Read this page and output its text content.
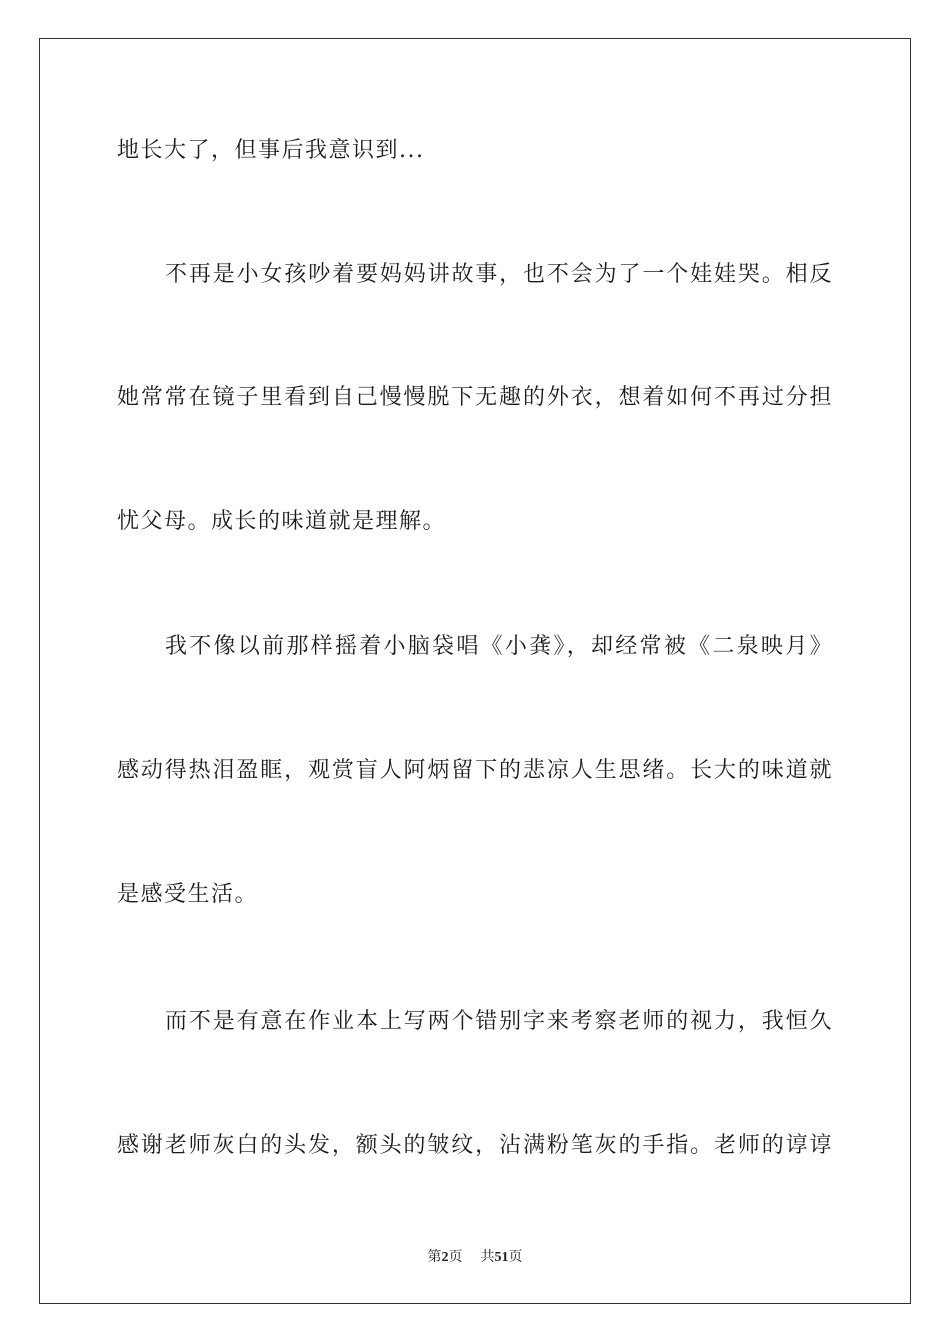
地长大了，但事后我意识到...
不再是小女孩吵着要妈妈讲故事，也不会为了一个娃娃哭。相反
她常常在镜子里看到自己慢慢脱下无趣的外衣，想着如何不再过分担
忧父母。成长的味道就是理解。
我不像以前那样摇着小脑袋唱《小龚》，却经常被《二泉映月》
感动得热泪盈眶，观赏盲人阿炳留下的悲凉人生思绪。长大的味道就
是感受生活。
而不是有意在作业本上写两个错别字来考察老师的视力，我恒久
感谢老师灰白的头发，额头的皱纹，沾满粉笔灰的手指。老师的谆谆
第2页 共51页
